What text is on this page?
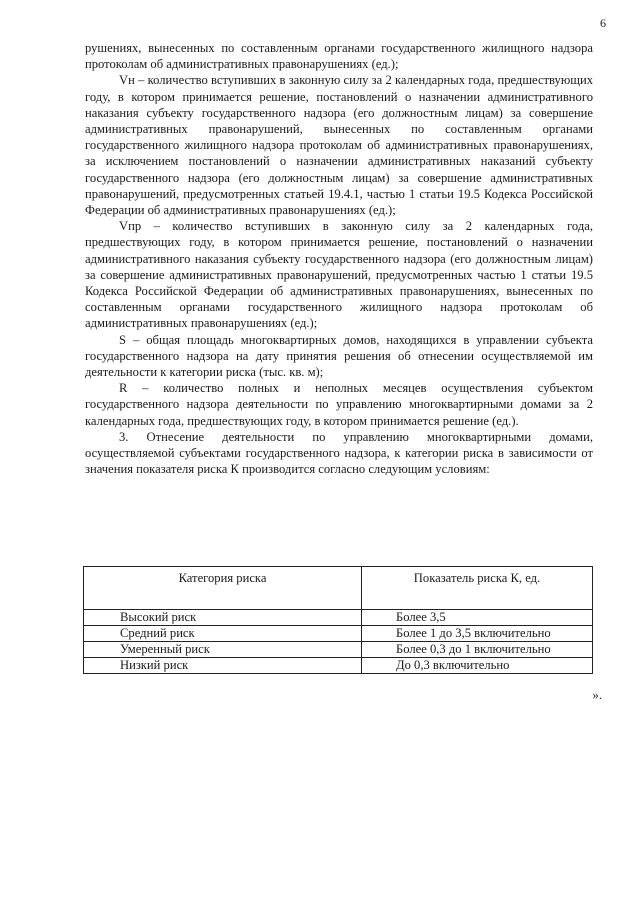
6

рушениях, вынесенных по составленным органами государственного жилищного надзора протоколам об административных правонарушениях (ед.);

Vн – количество вступивших в законную силу за 2 календарных года, предшествующих году, в котором принимается решение, постановлений о назначении административного наказания субъекту государственного надзора (его должностным лицам) за совершение административных правонарушений, вынесенных по составленным органами государственного жилищного надзора протоколам об административных правонарушениях, за исключением постановлений о назначении административных наказаний субъекту государственного надзора (его должностным лицам) за совершение административных правонарушений, предусмотренных статьей 19.4.1, частью 1 статьи 19.5 Кодекса Российской Федерации об административных правонарушениях (ед.);

Vпр – количество вступивших в законную силу за 2 календарных года, предшествующих году, в котором принимается решение, постановлений о назначении административного наказания субъекту государственного надзора (его должностным лицам) за совершение административных правонарушений, предусмотренных частью 1 статьи 19.5 Кодекса Российской Федерации об административных правонарушениях, вынесенных по составленным органами государственного жилищного надзора протоколам об административных правонарушениях (ед.);

S – общая площадь многоквартирных домов, находящихся в управлении субъекта государственного надзора на дату принятия решения об отнесении осуществляемой им деятельности к категории риска (тыс. кв. м);

R – количество полных и неполных месяцев осуществления субъектом государственного надзора деятельности по управлению многоквартирными домами за 2 календарных года, предшествующих году, в котором принимается решение (ед.).

3. Отнесение деятельности по управлению многоквартирными домами, осуществляемой субъектами государственного надзора, к категории риска в зависимости от значения показателя риска К производится согласно следующим условиям:

Категория риска	Показатель риска К, ед.
Высокий риск	Более 3,5
Средний риск	Более 1 до 3,5 включительно
Умеренный риск	Более 0,3 до 1 включительно
Низкий риск	До 0,3 включительно
».
